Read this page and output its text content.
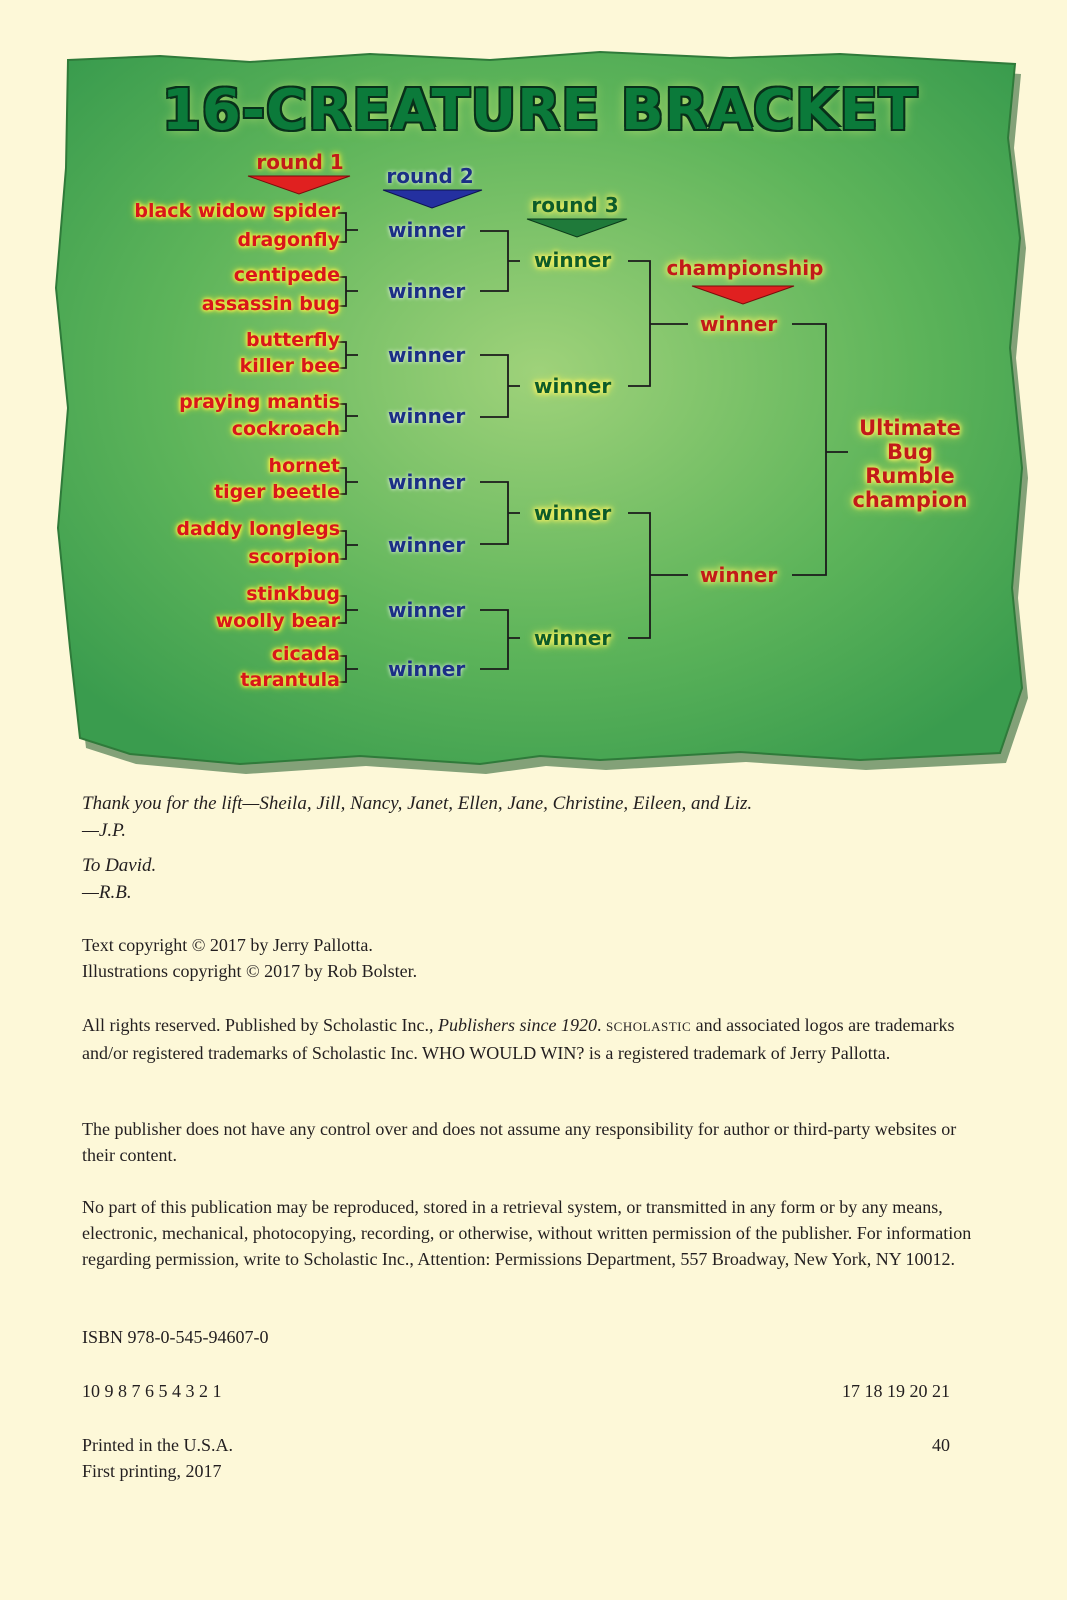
16-CREATURE BRACKET
round 1
round 2
round 3
championship
black widow spider
dragonfly
centipede
assassin bug
butterfly
killer bee
praying mantis
cockroach
hornet
tiger beetle
daddy longlegs
scorpion
stinkbug
woolly bear
cicada
tarantula
winner
winner
winner
winner
winner
winner
winner
winner
winner
winner
winner
winner
winner
winner
Ultimate
Bug
Rumble
champion

Thank you for the lift—Sheila, Jill, Nancy, Janet, Ellen, Jane, Christine, Eileen, and Liz.

—J.P.

To David.

—R.B.

Text copyright © 2017 by Jerry Pallotta.

Illustrations copyright © 2017 by Rob Bolster.

All rights reserved. Published by Scholastic Inc., Publishers since 1920. SCHOLASTIC and associated logos are trademarks and/or registered trademarks of Scholastic Inc. WHO WOULD WIN? is a registered trademark of Jerry Pallotta.

The publisher does not have any control over and does not assume any responsibility for author or third-party websites or their content.

No part of this publication may be reproduced, stored in a retrieval system, or transmitted in any form or by any means, electronic, mechanical, photocopying, recording, or otherwise, without written permission of the publisher. For information regarding permission, write to Scholastic Inc., Attention: Permissions Department, 557 Broadway, New York, NY 10012.

ISBN 978-0-545-94607-0
10 9 8 7 6 5 4 3 2 1	17 18 19 20 21
Printed in the U.S.A.	40
First printing, 2017
